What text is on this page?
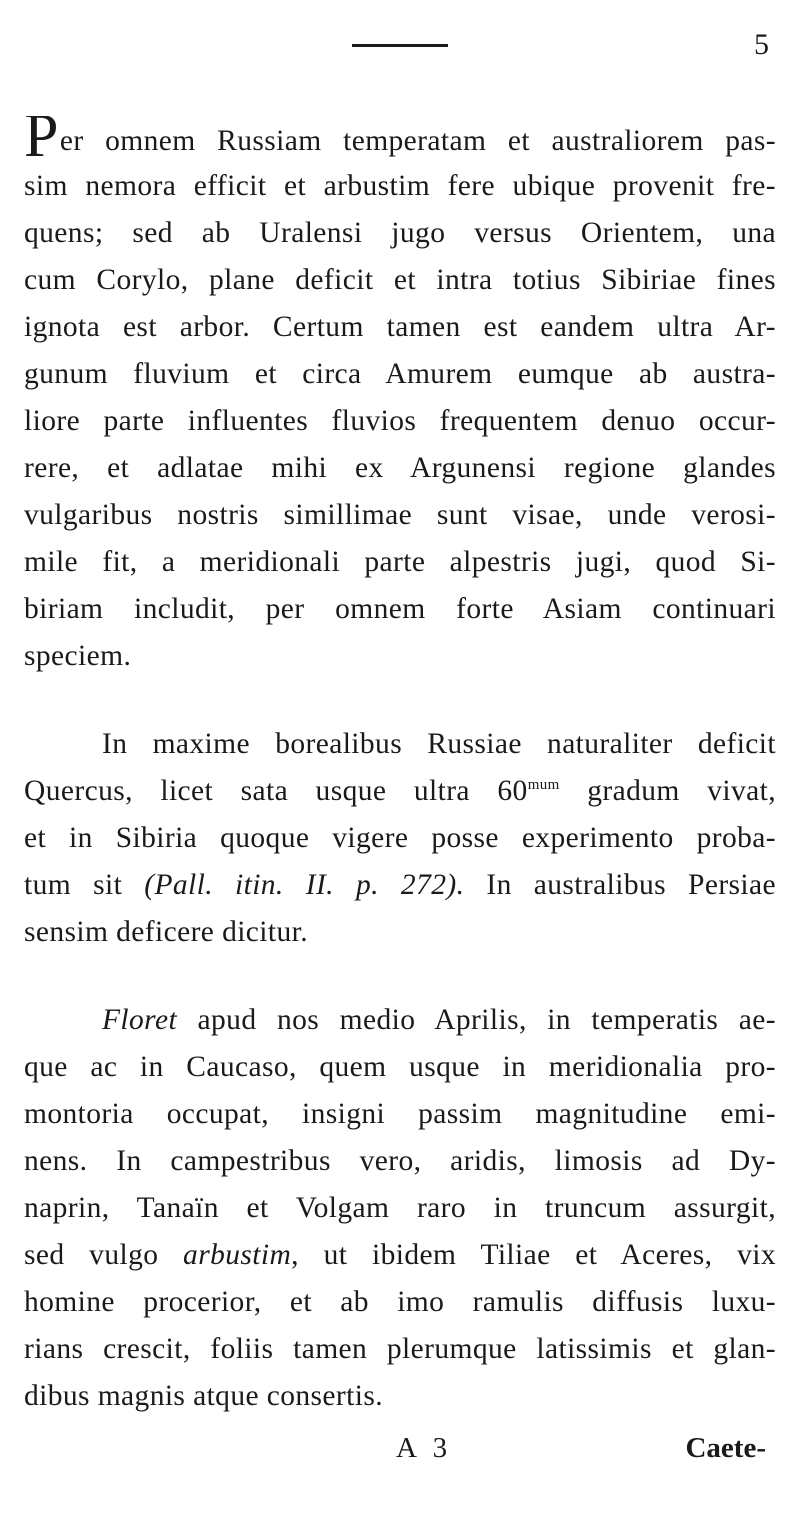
5
Per omnem Russiam temperatam et australiorem pas-
sim nemora efficit et arbustim fere ubique provenit fre-
quens; sed ab Uralensi jugo versus Orientem, una
cum Corylo, plane deficit et intra totius Sibiriae fines
ignota est arbor. Certum tamen est eandem ultra Ar-
gunum fluvium et circa Amurem eumque ab austra-
liore parte influentes fluvios frequentem denuo occur-
rere, et adlatae mihi ex Argunensi regione glandes
vulgaribus nostris simillimae sunt visae, unde verosi-
mile fit, a meridionali parte alpestris jugi, quod Si-
biriam includit, per omnem forte Asiam continuari
speciem.
In maxime borealibus Russiae naturaliter deficit
Quercus, licet sata usque ultra $60^{mum}$ gradum vivat,
et in Sibiria quoque vigere posse experimento proba-
tum sit (Pall. itin. II. p. 272). In australibus Persiae
sensim deficere dicitur.
Floret apud nos medio Aprilis, in temperatis ae-
que ac in Caucaso, quem usque in meridionalia pro-
montoria occupat, insigni passim magnitudine emi-
nens. In campestribus vero, aridis, limosis ad Dy-
naprin, Tanaïn et Volgam raro in truncum assurgit,
sed vulgo arbustim, ut ibidem Tiliae et Aceres, vix
homine procerior, et ab imo ramulis diffusis luxu-
rians crescit, foliis tamen plerumque latissimis et glan-
dibus magnis atque consertis.
A 3	Caete-
